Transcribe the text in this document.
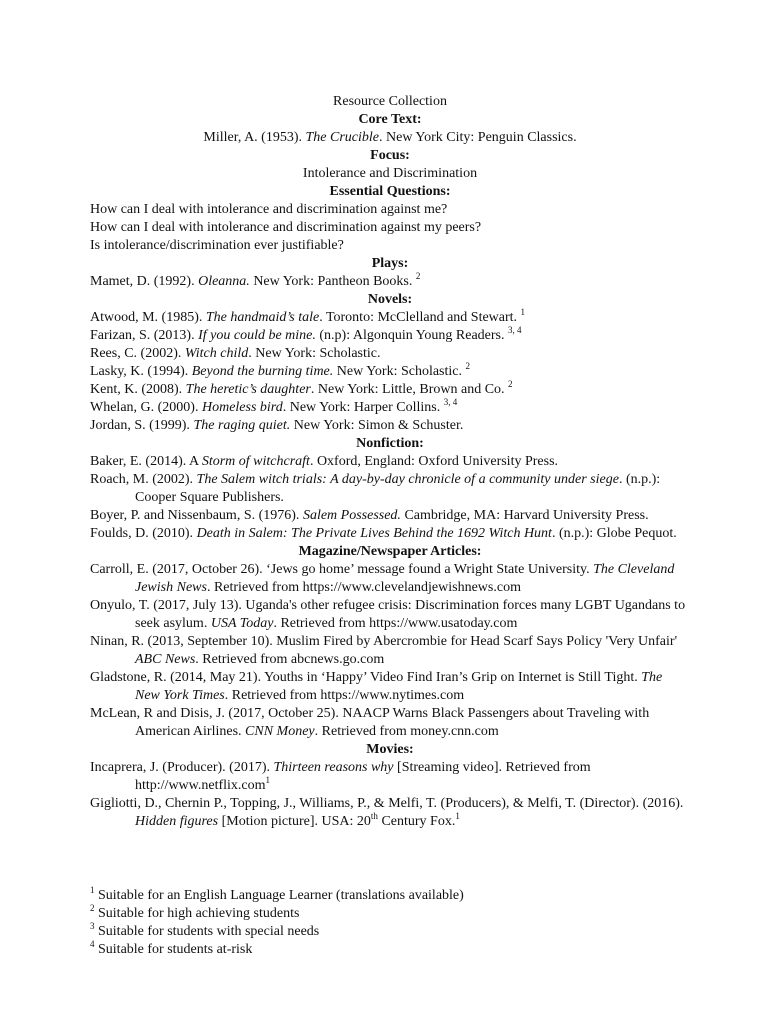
Resource Collection
Core Text:
Miller, A. (1953). The Crucible. New York City: Penguin Classics.
Focus:
Intolerance and Discrimination
Essential Questions:
How can I deal with intolerance and discrimination against me?
How can I deal with intolerance and discrimination against my peers?
Is intolerance/discrimination ever justifiable?
Plays:
Mamet, D. (1992). Oleanna. New York: Pantheon Books. $^2$
Novels:
Atwood, M. (1985). The handmaid’s tale. Toronto: McClelland and Stewart. $^1$
Farizan, S. (2013). If you could be mine. (n.p): Algonquin Young Readers. $^{3, 4}$
Rees, C. (2002). Witch child. New York: Scholastic.
Lasky, K. (1994). Beyond the burning time. New York: Scholastic. $^2$
Kent, K. (2008). The heretic’s daughter. New York: Little, Brown and Co. $^2$
Whelan, G. (2000). Homeless bird. New York: Harper Collins. $^{3, 4}$
Jordan, S. (1999). The raging quiet. New York: Simon & Schuster.
Nonfiction:
Baker, E. (2014). A Storm of witchcraft. Oxford, England: Oxford University Press.
Roach, M. (2002). The Salem witch trials: A day-by-day chronicle of a community under siege. (n.p.): Cooper Square Publishers.
Boyer, P. and Nissenbaum, S. (1976). Salem Possessed. Cambridge, MA: Harvard University Press.
Foulds, D. (2010). Death in Salem: The Private Lives Behind the 1692 Witch Hunt. (n.p.): Globe Pequot.
Magazine/Newspaper Articles:
Carroll, E. (2017, October 26). ‘Jews go home’ message found a Wright State University. The Cleveland Jewish News. Retrieved from https://www.clevelandjewishnews.com
Onyulo, T. (2017, July 13). Uganda's other refugee crisis: Discrimination forces many LGBT Ugandans to seek asylum. USA Today. Retrieved from https://www.usatoday.com
Ninan, R. (2013, September 10). Muslim Fired by Abercrombie for Head Scarf Says Policy 'Very Unfair' ABC News. Retrieved from abcnews.go.com
Gladstone, R. (2014, May 21). Youths in ‘Happy’ Video Find Iran’s Grip on Internet is Still Tight. The New York Times. Retrieved from https://www.nytimes.com
McLean, R and Disis, J. (2017, October 25). NAACP Warns Black Passengers about Traveling with American Airlines. CNN Money. Retrieved from money.cnn.com
Movies:
Incaprera, J. (Producer). (2017). Thirteen reasons why [Streaming video]. Retrieved from http://www.netflix.com$^1$
Gigliotti, D., Chernin P., Topping, J., Williams, P., & Melfi, T. (Producers), & Melfi, T. (Director). (2016). Hidden figures [Motion picture]. USA: 20th Century Fox.$^1$
$^1$ Suitable for an English Language Learner (translations available)
$^2$ Suitable for high achieving students
$^3$ Suitable for students with special needs
$^4$ Suitable for students at-risk
